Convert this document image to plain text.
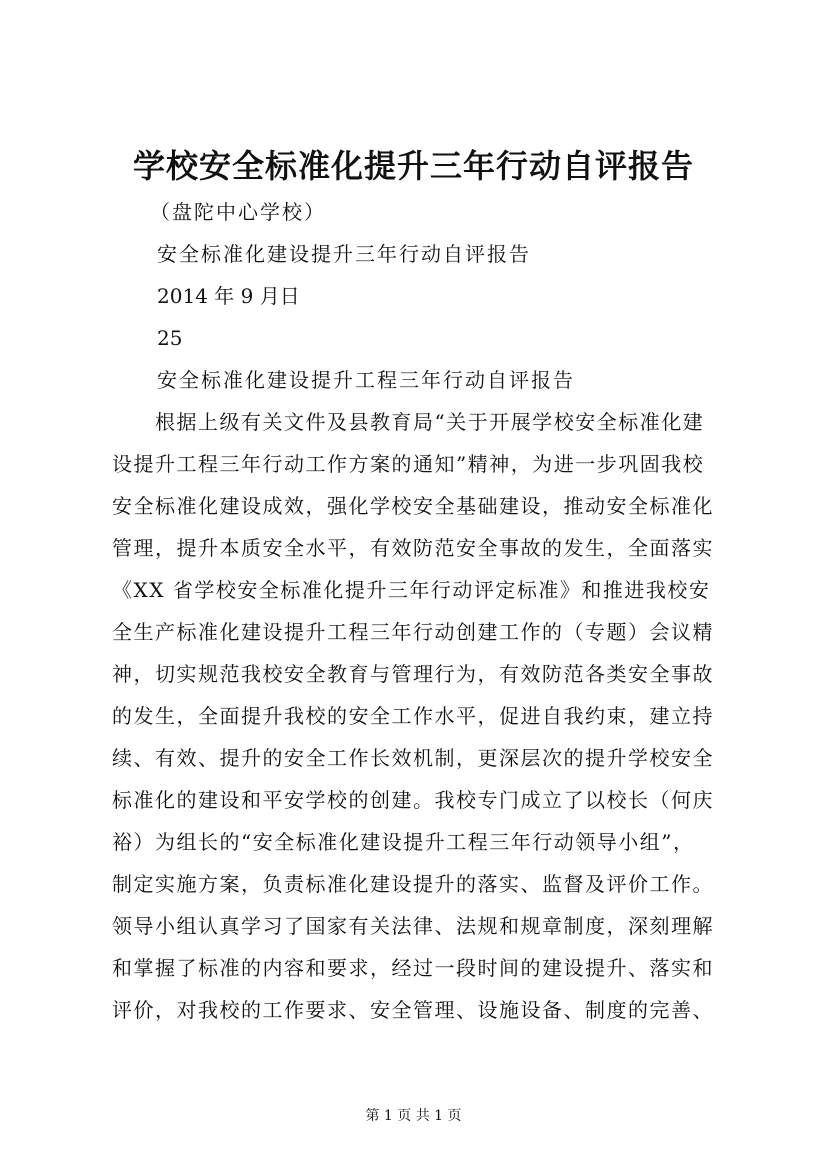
学校安全标准化提升三年行动自评报告
（盘陀中心学校）
安全标准化建设提升三年行动自评报告
2014 年 9 月日
25
安全标准化建设提升工程三年行动自评报告
　　根据上级有关文件及县教育局“关于开展学校安全标准化建
设提升工程三年行动工作方案的通知”精神，为进一步巩固我校
安全标准化建设成效，强化学校安全基础建设，推动安全标准化
管理，提升本质安全水平，有效防范安全事故的发生，全面落实
《XX 省学校安全标准化提升三年行动评定标准》和推进我校安
全生产标准化建设提升工程三年行动创建工作的（专题）会议精
神，切实规范我校安全教育与管理行为，有效防范各类安全事故
的发生，全面提升我校的安全工作水平，促进自我约束，建立持
续、有效、提升的安全工作长效机制，更深层次的提升学校安全
标准化的建设和平安学校的创建。我校专门成立了以校长（何庆
裕）为组长的“安全标准化建设提升工程三年行动领导小组”，
制定实施方案，负责标准化建设提升的落实、监督及评价工作。
领导小组认真学习了国家有关法律、法规和规章制度，深刻理解
和掌握了标准的内容和要求，经过一段时间的建设提升、落实和
评价，对我校的工作要求、安全管理、设施设备、制度的完善、
第 1 页 共 1 页
